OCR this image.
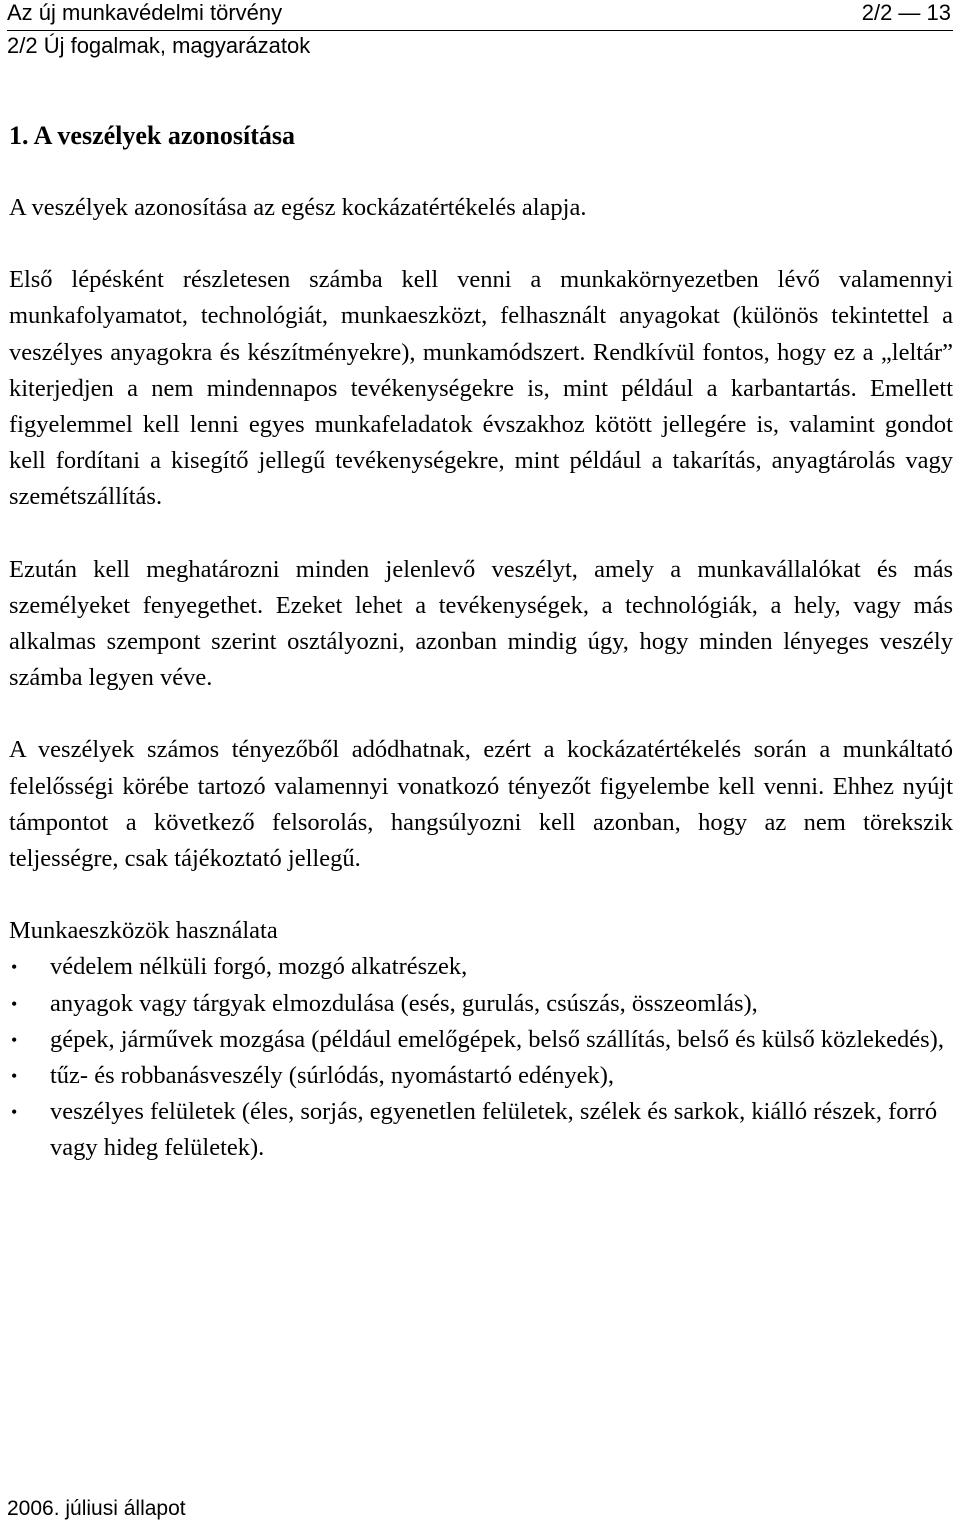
Az új munkavédelmi törvény	2/2 — 13
2/2 Új fogalmak, magyarázatok
1. A veszélyek azonosítása
A veszélyek azonosítása az egész kockázatértékelés alapja.

Első lépésként részletesen számba kell venni a munkakörnyezetben lévő valamennyi munkafolyamatot, technológiát, munkaeszközt, felhasznált anyagokat (különös tekintettel a veszélyes anyagokra és készítményekre), munkamódszert. Rendkívül fontos, hogy ez a „leltár” kiterjedjen a nem mindennapos tevékenységekre is, mint például a karbantartás. Emellett figyelemmel kell lenni egyes munkafeladatok évszakhoz kötött jellegére is, valamint gondot kell fordítani a kisegítő jellegű tevékenységekre, mint például a takarítás, anyagtárolás vagy szemétszállítás.

Ezután kell meghatározni minden jelenlevő veszélyt, amely a munkavállalókat és más személyeket fenyegethet. Ezeket lehet a tevékenységek, a technológiák, a hely, vagy más alkalmas szempont szerint osztályozni, azonban mindig úgy, hogy minden lényeges veszély számba legyen véve.

A veszélyek számos tényezőből adódhatnak, ezért a kockázatértékelés során a munkáltató felelősségi körébe tartozó valamennyi vonatkozó tényezőt figyelembe kell venni. Ehhez nyújt támpontot a következő felsorolás, hangsúlyozni kell azonban, hogy az nem törekszik teljességre, csak tájékoztató jellegű.

Munkaeszközök használata
• védelem nélküli forgó, mozgó alkatrészek,
• anyagok vagy tárgyak elmozdulása (esés, gurulás, csúszás, összeomlás),
• gépek, járművek mozgása (például emelőgépek, belső szállítás, belső és külső közlekedés),
• tűz- és robbanásveszély (súrlódás, nyomástartó edények),
• veszélyes felületek (éles, sorjás, egyenetlen felületek, szélek és sarkok, kiálló részek, forró vagy hideg felületek).
2006. júliusi állapot
